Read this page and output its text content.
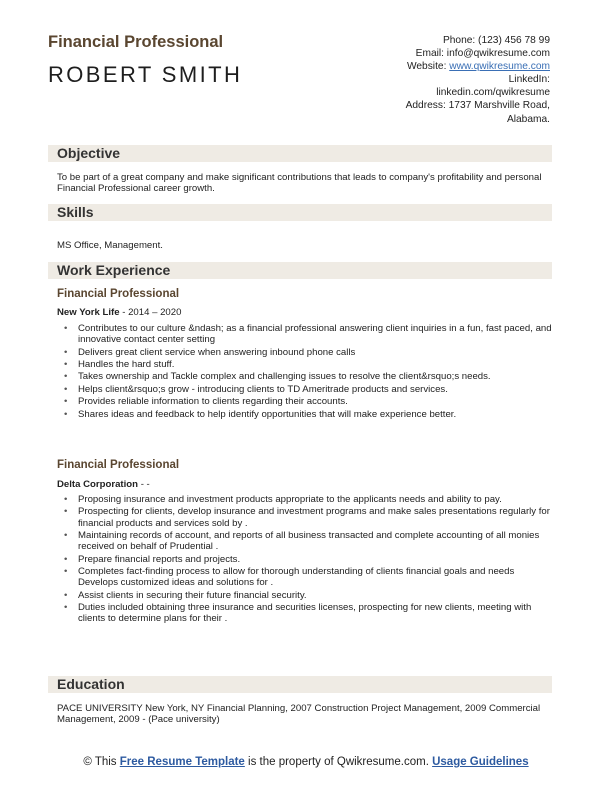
Financial Professional
ROBERT SMITH
Phone: (123) 456 78 99
Email: info@qwikresume.com
Website: www.qwikresume.com
LinkedIn:
linkedin.com/qwikresume
Address: 1737 Marshville Road,
Alabama.
Objective
To be part of a great company and make significant contributions that leads to company's profitability and personal Financial Professional career growth.
Skills
MS Office, Management.
Work Experience
Financial Professional
New York Life - 2014 – 2020
• Contributes to our culture &ndash; as a financial professional answering client inquiries in a fun, fast paced, and innovative contact center setting
• Delivers great client service when answering inbound phone calls
• Handles the hard stuff.
• Takes ownership and Tackle complex and challenging issues to resolve the client&rsquo;s needs.
• Helps client&rsquo;s grow - introducing clients to TD Ameritrade products and services.
• Provides reliable information to clients regarding their accounts.
• Shares ideas and feedback to help identify opportunities that will make experience better.
Financial Professional
Delta Corporation - -
• Proposing insurance and investment products appropriate to the applicants needs and ability to pay.
• Prospecting for clients, develop insurance and investment programs and make sales presentations regularly for financial products and services sold by .
• Maintaining records of account, and reports of all business transacted and complete accounting of all monies received on behalf of Prudential .
• Prepare financial reports and projects.
• Completes fact-finding process to allow for thorough understanding of clients financial goals and needs Develops customized ideas and solutions for .
• Assist clients in securing their future financial security.
• Duties included obtaining three insurance and securities licenses, prospecting for new clients, meeting with clients to determine plans for their .
Education
PACE UNIVERSITY New York, NY Financial Planning, 2007 Construction Project Management, 2009 Commercial Management, 2009 - (Pace university)
© This Free Resume Template is the property of Qwikresume.com. Usage Guidelines
